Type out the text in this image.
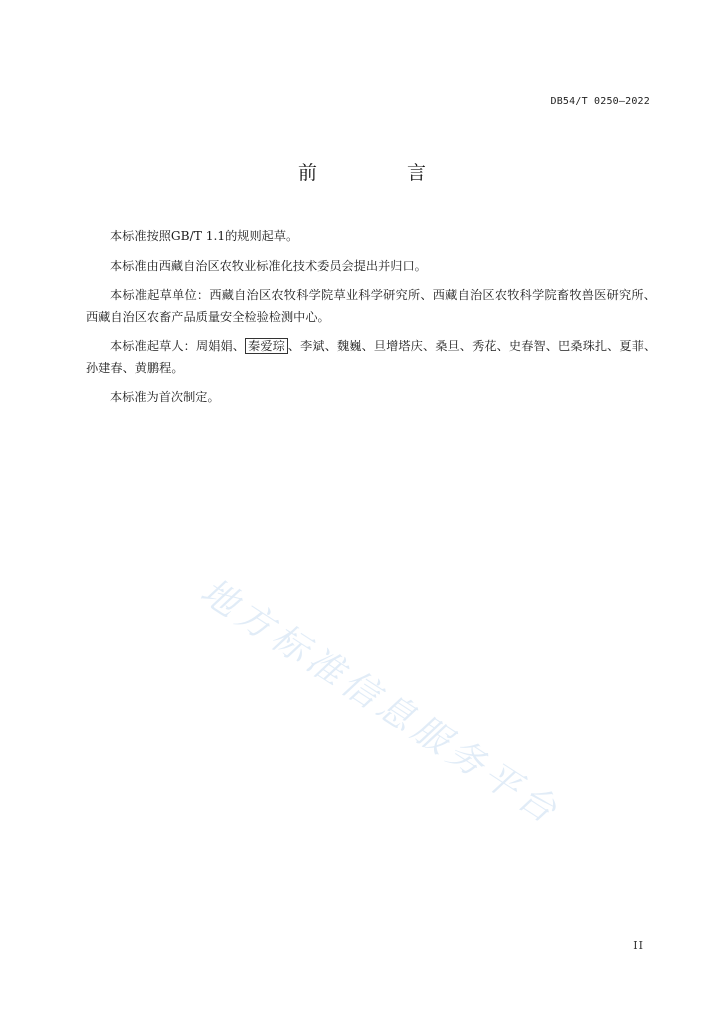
DB54/T 0250—2022
前 言

本标准按照GB/T 1.1的规则起草。

本标准由西藏自治区农牧业标准化技术委员会提出并归口。

本标准起草单位：西藏自治区农牧科学院草业科学研究所、西藏自治区农牧科学院畜牧兽医研究所、西藏自治区农畜产品质量安全检验检测中心。

本标准起草人：周娟娟、 秦爱琮 、李斌、魏巍、旦增塔庆、桑旦、秀花、史春智、巴桑珠扎、夏菲、孙建春、黄鹏程。

本标准为首次制定。

II
地方标准信息服务平台
